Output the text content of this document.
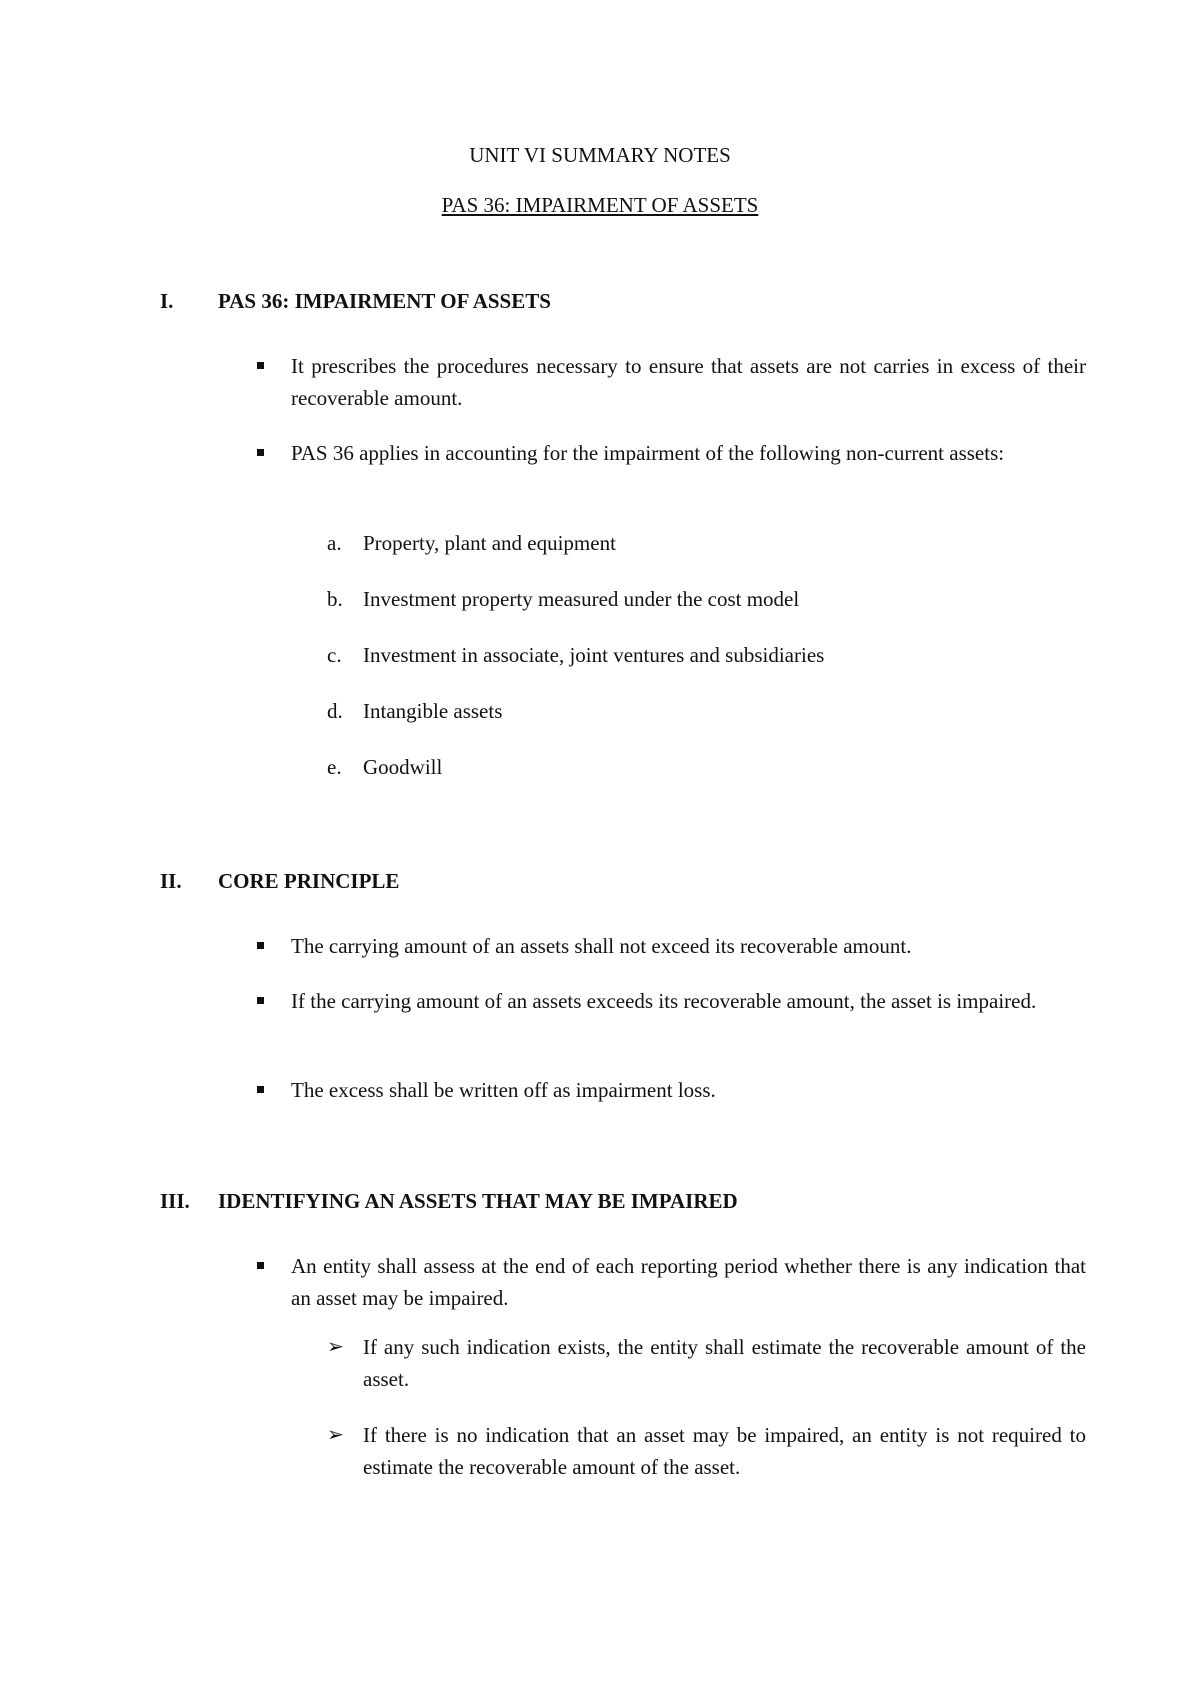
UNIT VI SUMMARY NOTES
PAS 36: IMPAIRMENT OF ASSETS
I. PAS 36: IMPAIRMENT OF ASSETS
It prescribes the procedures necessary to ensure that assets are not carries in excess of their recoverable amount.
PAS 36 applies in accounting for the impairment of the following non-current assets:
a. Property, plant and equipment
b. Investment property measured under the cost model
c. Investment in associate, joint ventures and subsidiaries
d. Intangible assets
e. Goodwill
II. CORE PRINCIPLE
The carrying amount of an assets shall not exceed its recoverable amount.
If the carrying amount of an assets exceeds its recoverable amount, the asset is impaired.
The excess shall be written off as impairment loss.
III. IDENTIFYING AN ASSETS THAT MAY BE IMPAIRED
An entity shall assess at the end of each reporting period whether there is any indication that an asset may be impaired.
➢ If any such indication exists, the entity shall estimate the recoverable amount of the asset.
➢ If there is no indication that an asset may be impaired, an entity is not required to estimate the recoverable amount of the asset.
